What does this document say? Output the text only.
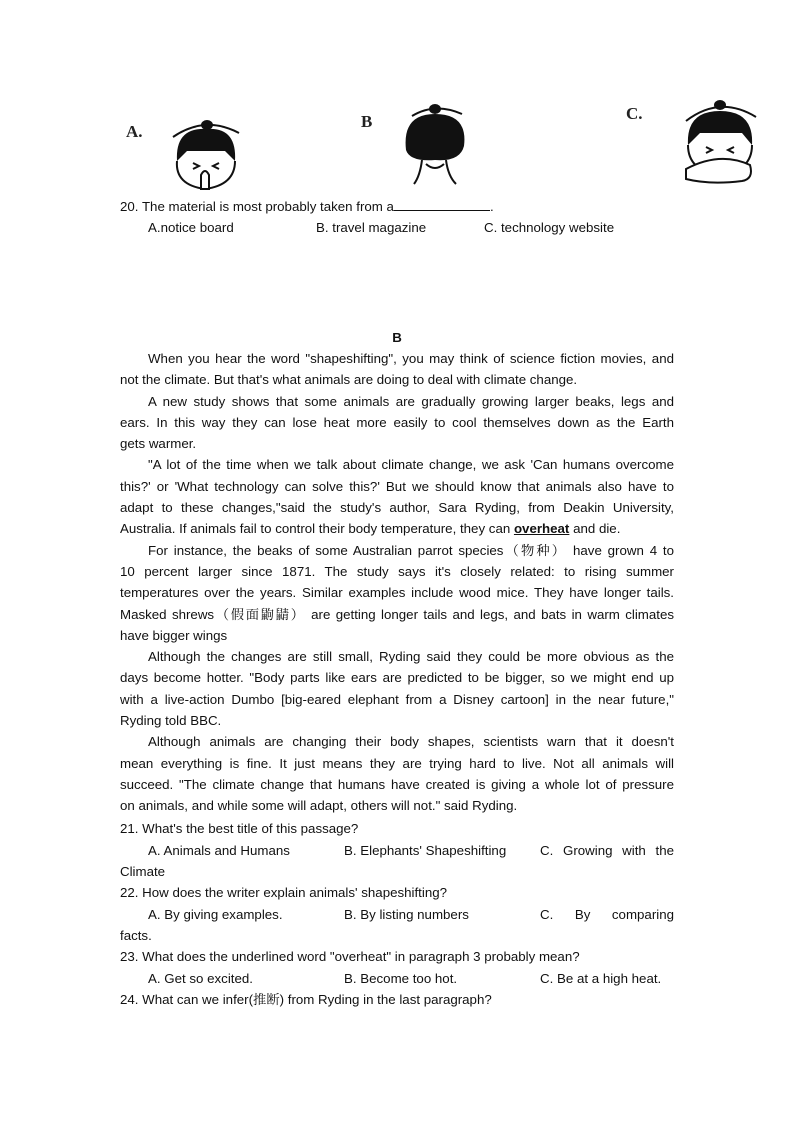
A.
B	C.
20. The material is most probably taken from a	.
A.notice board	B. travel magazine	C. technology website
B
When you hear the word "shapeshifting", you may think of science fiction movies, and
not the climate. But that's what animals are doing to deal with climate change.
A new study shows that some animals are gradually growing larger beaks, legs and
ears. In this way they can lose heat more easily to cool themselves down as the Earth
gets warmer.
"A lot of the time when we talk about climate change, we ask 'Can humans overcome
this?' or 'What technology can solve this?' But we should know that animals also have to
adapt to these changes,"said the study's author, Sara Ryding, from Deakin University,
Australia. If animals fail to control their body temperature, they can overheat and die.
For instance, the beaks of some Australian parrot species（物种） have grown 4 to
10 percent larger since 1871. The study says it's closely related: to rising summer
temperatures over the years. Similar examples include wood mice. They have longer tails.
Masked shrews（假面鼩鼱） are getting longer tails and legs, and bats in warm climates
have bigger wings
Although the changes are still small, Ryding said they could be more obvious as the
days become hotter. "Body parts like ears are predicted to be bigger, so we might end up
with a live-action Dumbo [big-eared elephant from a Disney cartoon] in the near future,"
Ryding told BBC.
Although animals are changing their body shapes, scientists warn that it doesn't
mean everything is fine. It just means they are trying hard to live. Not all animals will
succeed. "The climate change that humans have created is giving a whole lot of pressure
on animals, and while some will adapt, others will not." said Ryding.
21. What's the best title of this passage?
A. Animals and Humans	B. Elephants' Shapeshifting	C. Growing with the
Climate
22. How does the writer explain animals' shapeshifting?
A. By giving examples.	B. By listing numbers	C. By comparing
facts.
23. What does the underlined word "overheat" in paragraph 3 probably mean?
A. Get so excited.	B. Become too hot.	C. Be at a high heat.
24. What can we infer(推断) from Ryding in the last paragraph?
